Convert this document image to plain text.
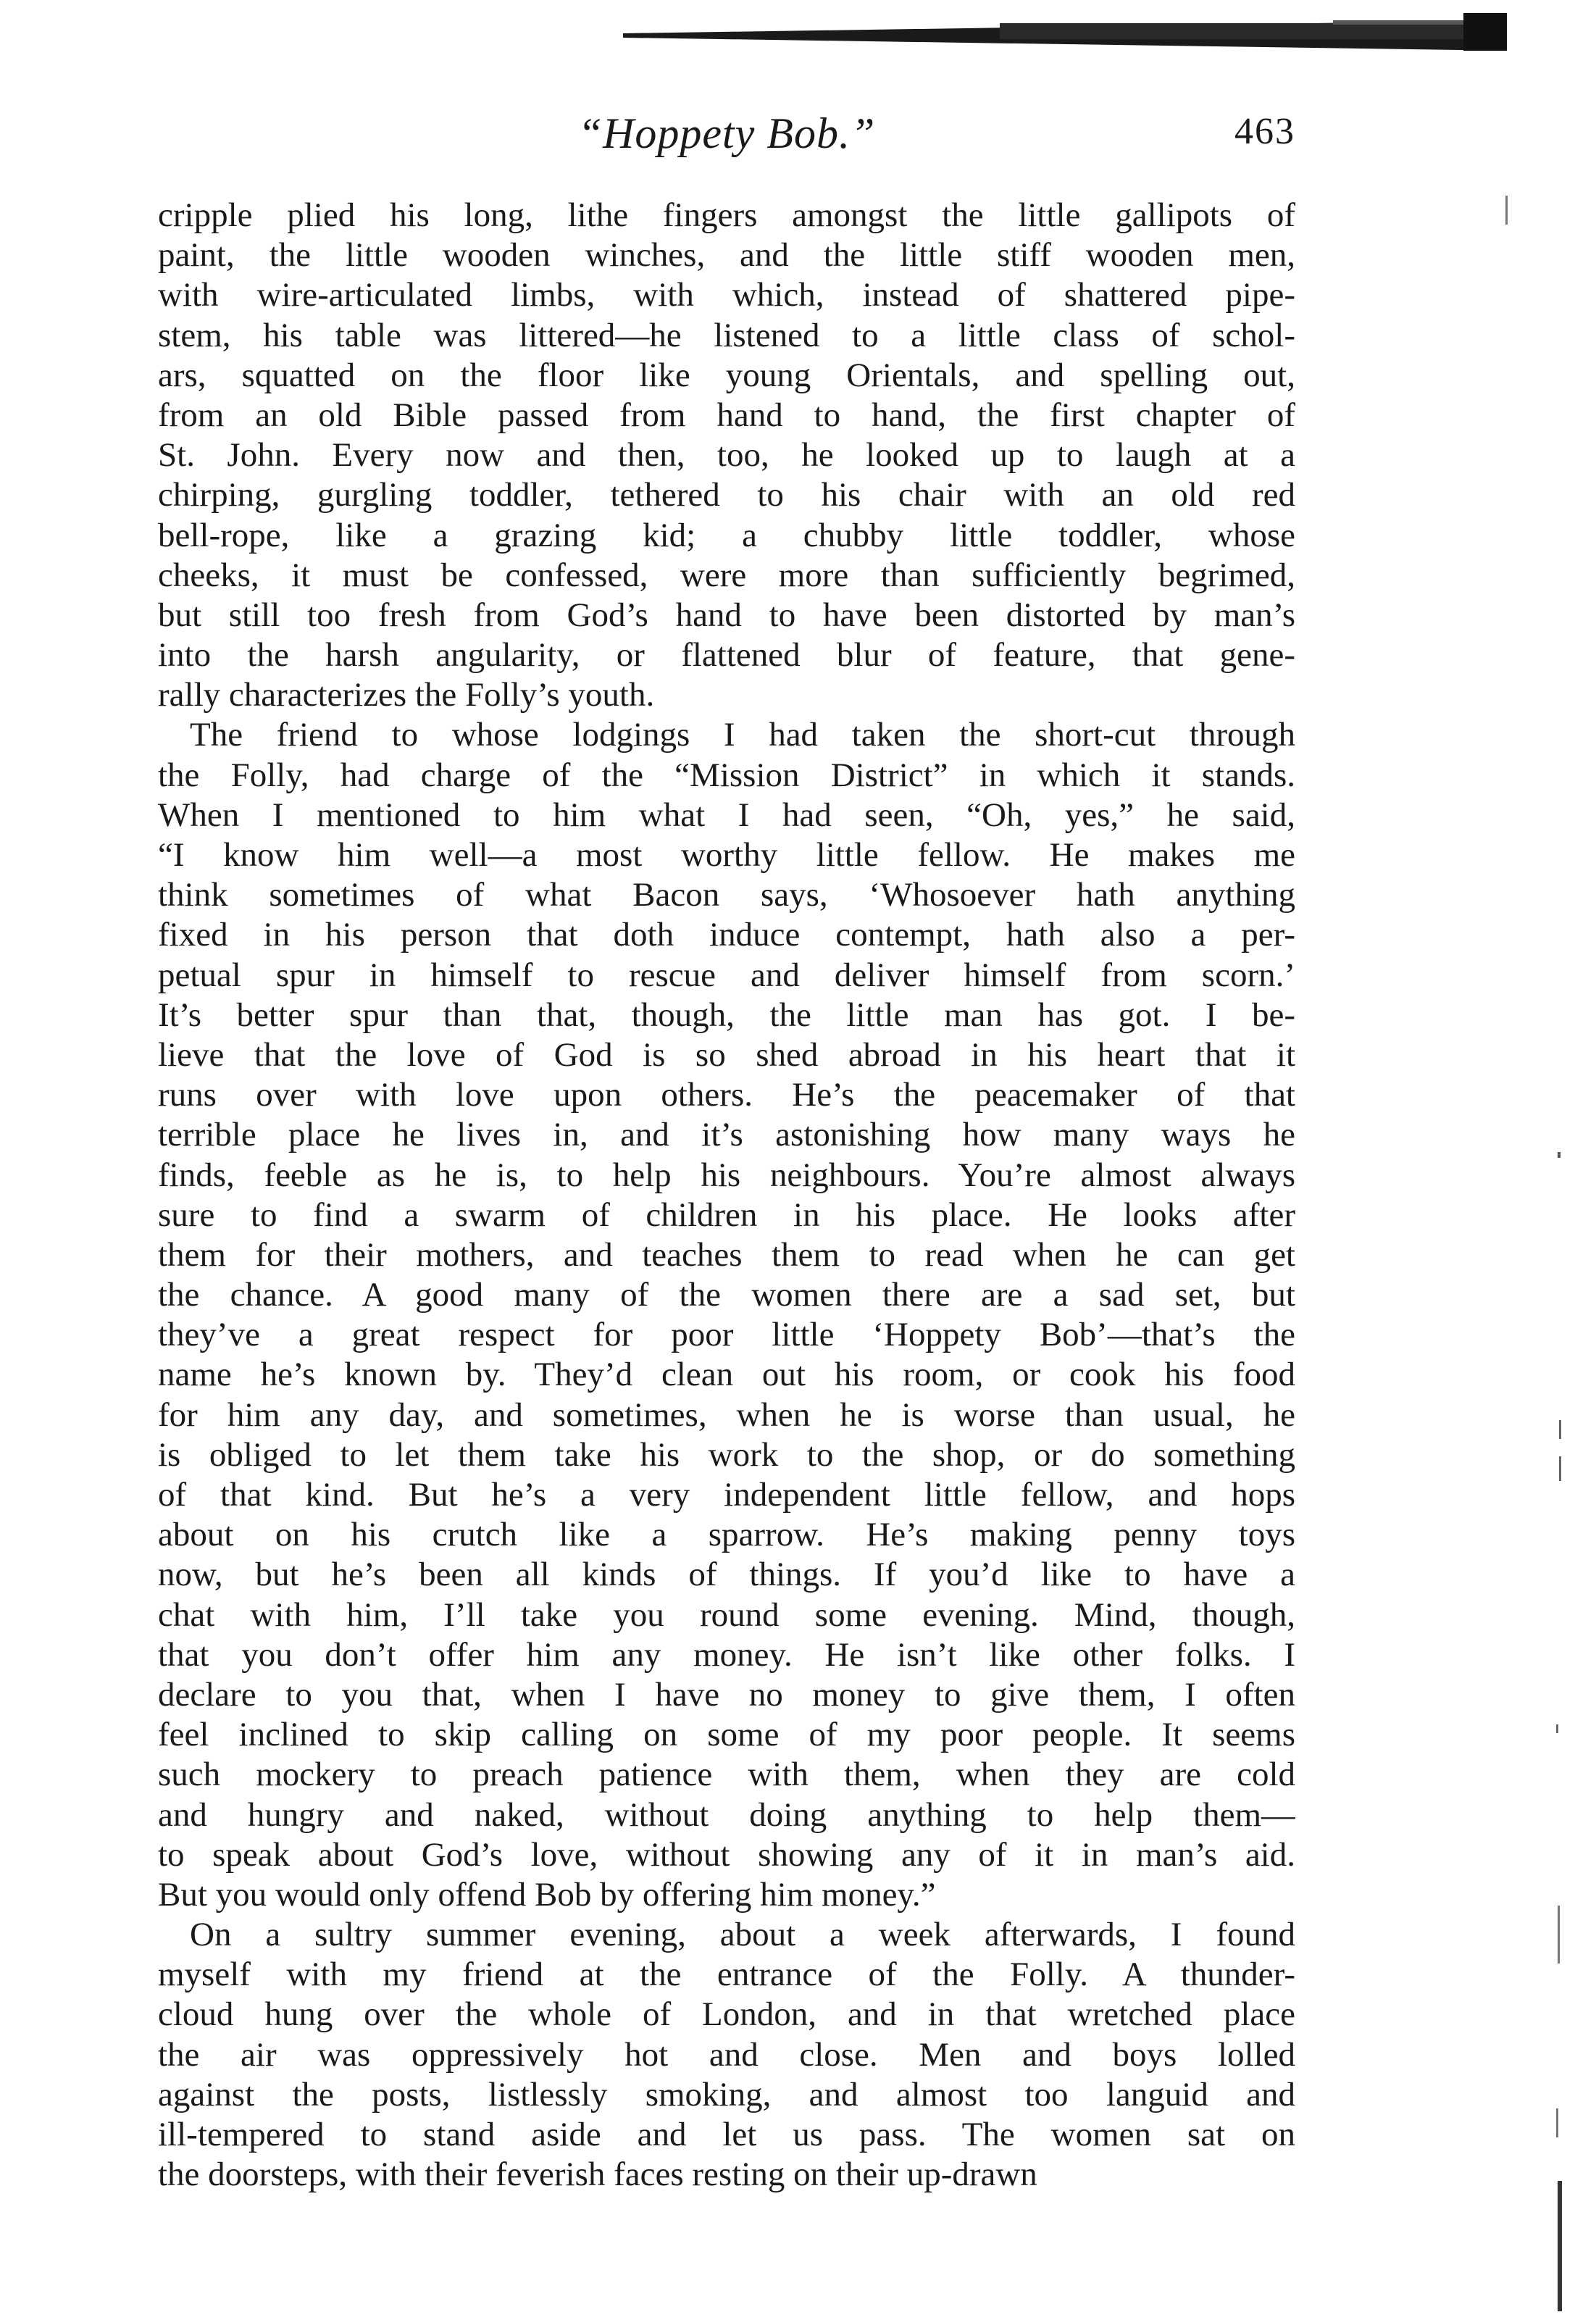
“Hoppety Bob.”	463
cripple plied his long, lithe fingers amongst the little gallipots of
paint, the little wooden winches, and the little stiff wooden men,
with wire-articulated limbs, with which, instead of shattered pipe-
stem, his table was littered—he listened to a little class of schol-
ars, squatted on the floor like young Orientals, and spelling out,
from an old Bible passed from hand to hand, the first chapter of
St. John. Every now and then, too, he looked up to laugh at a
chirping, gurgling toddler, tethered to his chair with an old red
bell-rope, like a grazing kid; a chubby little toddler, whose
cheeks, it must be confessed, were more than sufficiently begrimed,
but still too fresh from God’s hand to have been distorted by man’s
into the harsh angularity, or flattened blur of feature, that gene-
rally characterizes the Folly’s youth.
The friend to whose lodgings I had taken the short-cut through
the Folly, had charge of the “Mission District” in which it stands.
When I mentioned to him what I had seen, “Oh, yes,” he said,
“I know him well—a most worthy little fellow. He makes me
think sometimes of what Bacon says, ‘Whosoever hath anything
fixed in his person that doth induce contempt, hath also a per-
petual spur in himself to rescue and deliver himself from scorn.’
It’s better spur than that, though, the little man has got. I be-
lieve that the love of God is so shed abroad in his heart that it
runs over with love upon others. He’s the peacemaker of that
terrible place he lives in, and it’s astonishing how many ways he
finds, feeble as he is, to help his neighbours. You’re almost always
sure to find a swarm of children in his place. He looks after
them for their mothers, and teaches them to read when he can get
the chance. A good many of the women there are a sad set, but
they’ve a great respect for poor little ‘Hoppety Bob’—that’s the
name he’s known by. They’d clean out his room, or cook his food
for him any day, and sometimes, when he is worse than usual, he
is obliged to let them take his work to the shop, or do something
of that kind. But he’s a very independent little fellow, and hops
about on his crutch like a sparrow. He’s making penny toys
now, but he’s been all kinds of things. If you’d like to have a
chat with him, I’ll take you round some evening. Mind, though,
that you don’t offer him any money. He isn’t like other folks. I
declare to you that, when I have no money to give them, I often
feel inclined to skip calling on some of my poor people. It seems
such mockery to preach patience with them, when they are cold
and hungry and naked, without doing anything to help them—
to speak about God’s love, without showing any of it in man’s aid.
But you would only offend Bob by offering him money.”
On a sultry summer evening, about a week afterwards, I found
myself with my friend at the entrance of the Folly. A thunder-
cloud hung over the whole of London, and in that wretched place
the air was oppressively hot and close. Men and boys lolled
against the posts, listlessly smoking, and almost too languid and
ill-tempered to stand aside and let us pass. The women sat on
the doorsteps, with their feverish faces resting on their up-drawn
